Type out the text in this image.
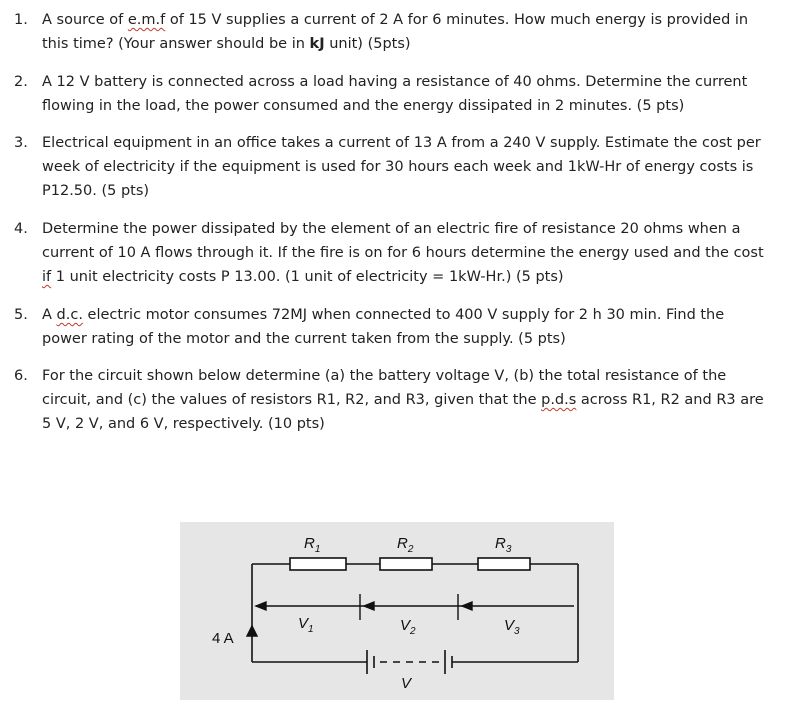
1. A source of e.m.f of 15 V supplies a current of 2 A for 6 minutes. How much energy is provided in this time? (Your answer should be in kJ unit) (5pts)
2. A 12 V battery is connected across a load having a resistance of 40 ohms. Determine the current flowing in the load, the power consumed and the energy dissipated in 2 minutes. (5 pts)
3. Electrical equipment in an office takes a current of 13 A from a 240 V supply. Estimate the cost per week of electricity if the equipment is used for 30 hours each week and 1kW-Hr of energy costs is P12.50. (5 pts)
4. Determine the power dissipated by the element of an electric fire of resistance 20 ohms when a current of 10 A flows through it. If the fire is on for 6 hours determine the energy used and the cost if 1 unit electricity costs P 13.00. (1 unit of electricity = 1kW-Hr.) (5 pts)
5. A d.c. electric motor consumes 72MJ when connected to 400 V supply for 2 h 30 min. Find the power rating of the motor and the current taken from the supply. (5 pts)
6. For the circuit shown below determine (a) the battery voltage V, (b) the total resistance of the circuit, and (c) the values of resistors R1, R2, and R3, given that the p.d.s across R1, R2 and R3 are 5 V, 2 V, and 6 V, respectively. (10 pts)
$R_1$	$R_2$	$R_3$
$V_1$	$V_2$	$V_3$
4 A
V
